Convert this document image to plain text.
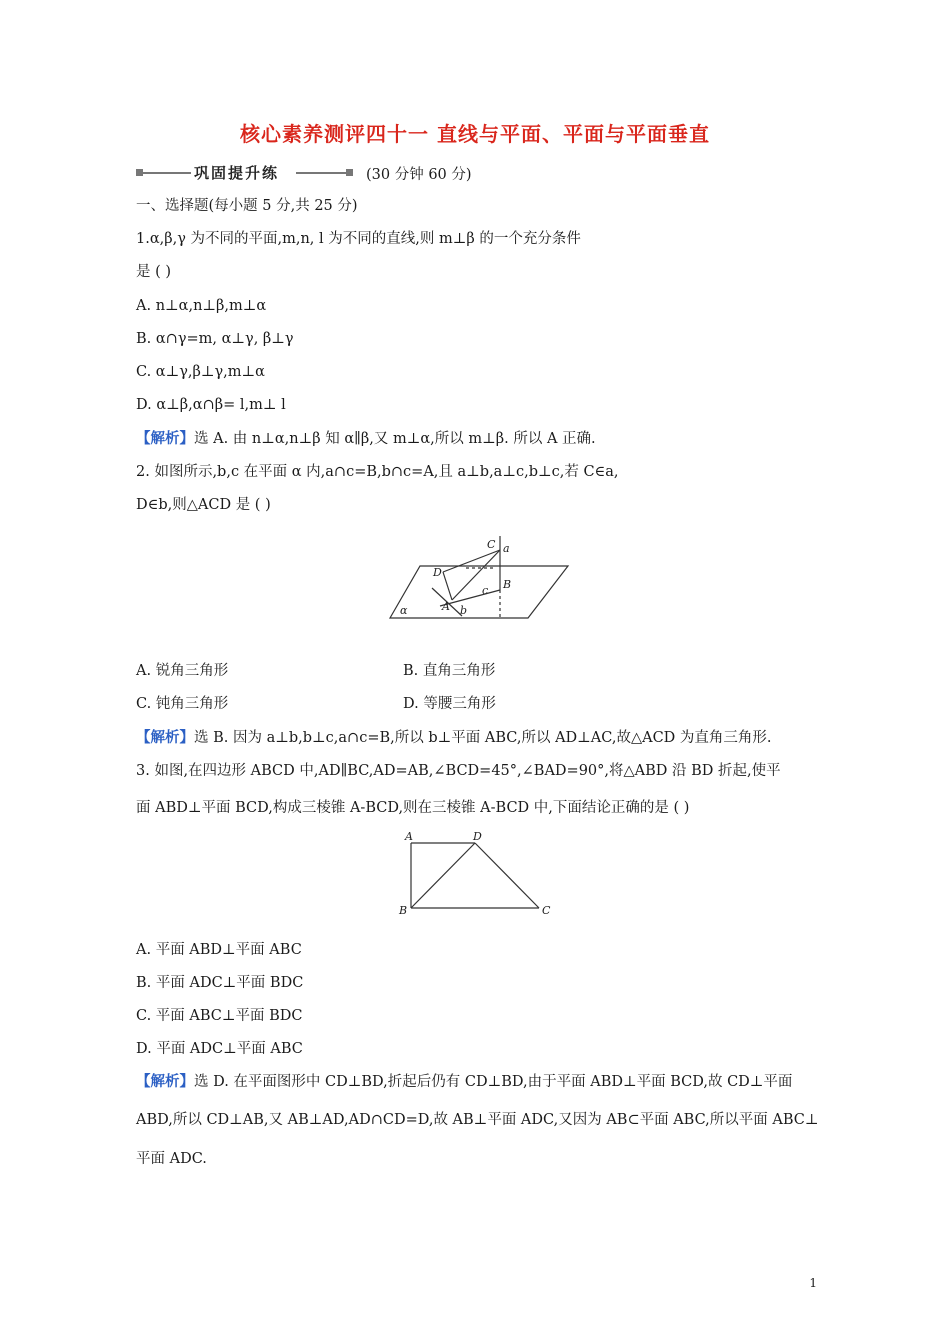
核心素养测评四十一 直线与平面、平面与平面垂直
巩固提升练	(30 分钟 60 分)
一、选择题(每小题 5 分,共 25 分)
1.α,β,γ 为不同的平面,m,n, l 为不同的直线,则 m⊥β 的一个充分条件
是 ( )
A. n⊥α,n⊥β,m⊥α
B. α∩γ=m, α⊥γ, β⊥γ
C. α⊥γ,β⊥γ,m⊥α
D. α⊥β,α∩β= l,m⊥ l
【解析】选 A. 由 n⊥α,n⊥β 知 α∥β,又 m⊥α,所以 m⊥β. 所以 A 正确.
2. 如图所示,b,c 在平面 α 内,a∩c=B,b∩c=A,且 a⊥b,a⊥c,b⊥c,若 C∈a,
D∈b,则△ACD 是 ( )
C a
D
B
c
A b
α
A. 锐角三角形	B. 直角三角形
C. 钝角三角形	D. 等腰三角形
【解析】选 B. 因为 a⊥b,b⊥c,a∩c=B,所以 b⊥平面 ABC,所以 AD⊥AC,故△ACD 为直角三角形.
3. 如图,在四边形 ABCD 中,AD∥BC,AD=AB,∠BCD=45°,∠BAD=90°,将△ABD 沿 BD 折起,使平
面 ABD⊥平面 BCD,构成三棱锥 A-BCD,则在三棱锥 A-BCD 中,下面结论正确的是 ( )
A	D
B	C
A. 平面 ABD⊥平面 ABC
B. 平面 ADC⊥平面 BDC
C. 平面 ABC⊥平面 BDC
D. 平面 ADC⊥平面 ABC
【解析】选 D. 在平面图形中 CD⊥BD,折起后仍有 CD⊥BD,由于平面 ABD⊥平面 BCD,故 CD⊥平面
ABD,所以 CD⊥AB,又 AB⊥AD,AD∩CD=D,故 AB⊥平面 ADC,又因为 AB⊂平面 ABC,所以平面 ABC⊥
平面 ADC.
1
